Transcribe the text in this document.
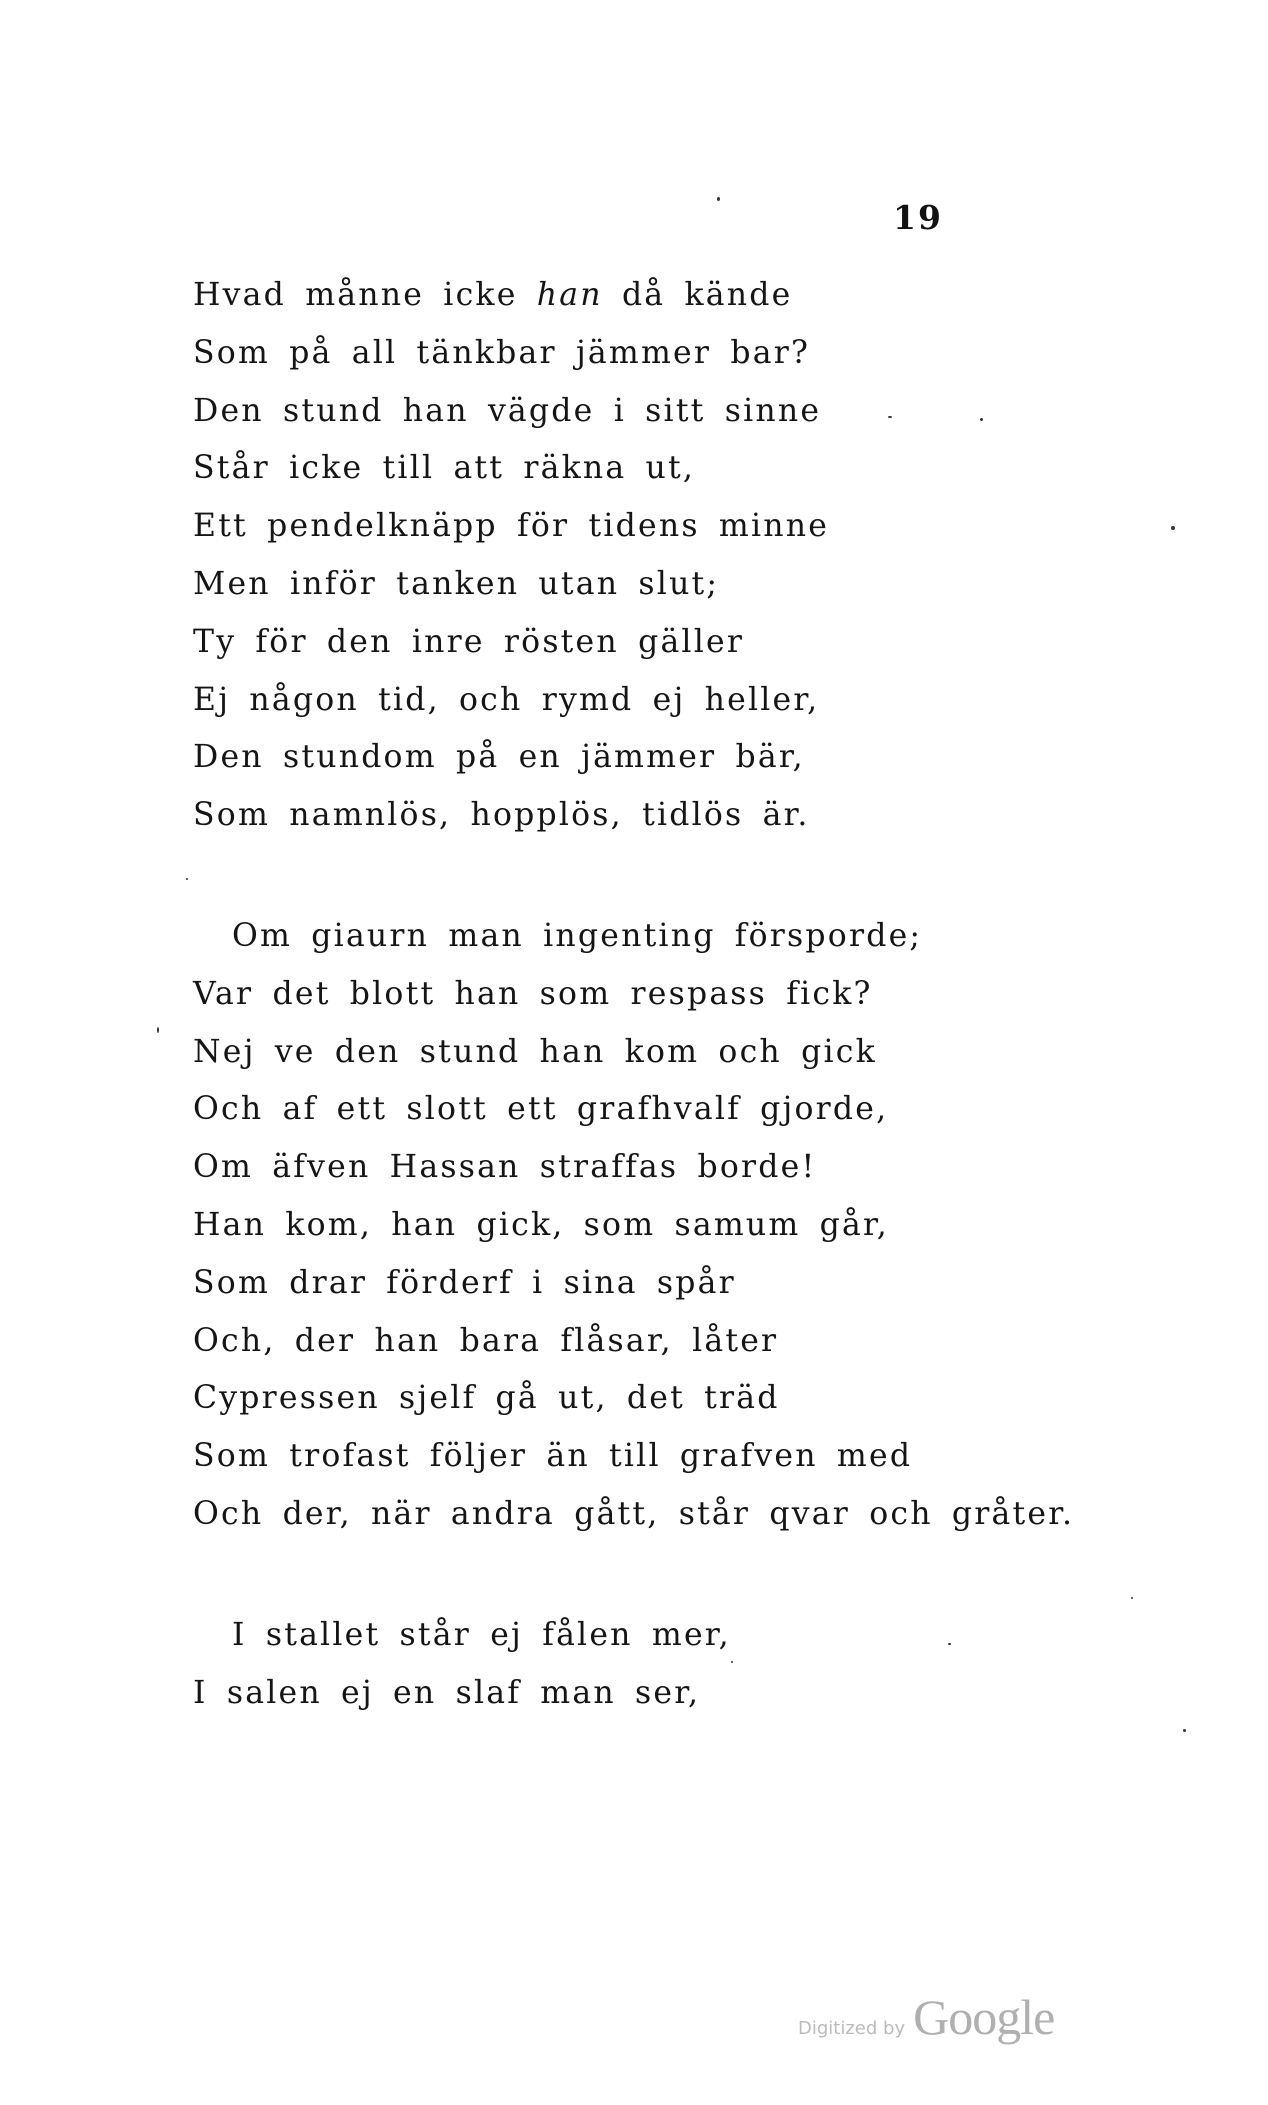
19
Hvad månne icke han då kände
Som på all tänkbar jämmer bar?
Den stund han vägde i sitt sinne
Står icke till att räkna ut,
Ett pendelknäpp för tidens minne
Men inför tanken utan slut;
Ty för den inre rösten gäller
Ej någon tid, och rymd ej heller,
Den stundom på en jämmer bär,
Som namnlös, hopplös, tidlös är.
Om giaurn man ingenting försporde;
Var det blott han som respass fick?
Nej ve den stund han kom och gick
Och af ett slott ett grafhvalf gjorde,
Om äfven Hassan straffas borde!
Han kom, han gick, som samum går,
Som drar förderf i sina spår
Och, der han bara flåsar, låter
Cypressen sjelf gå ut, det träd
Som trofast följer än till grafven med
Och der, när andra gått, står qvar och gråter.
I stallet står ej fålen mer,
I salen ej en slaf man ser,
Digitized by Google
